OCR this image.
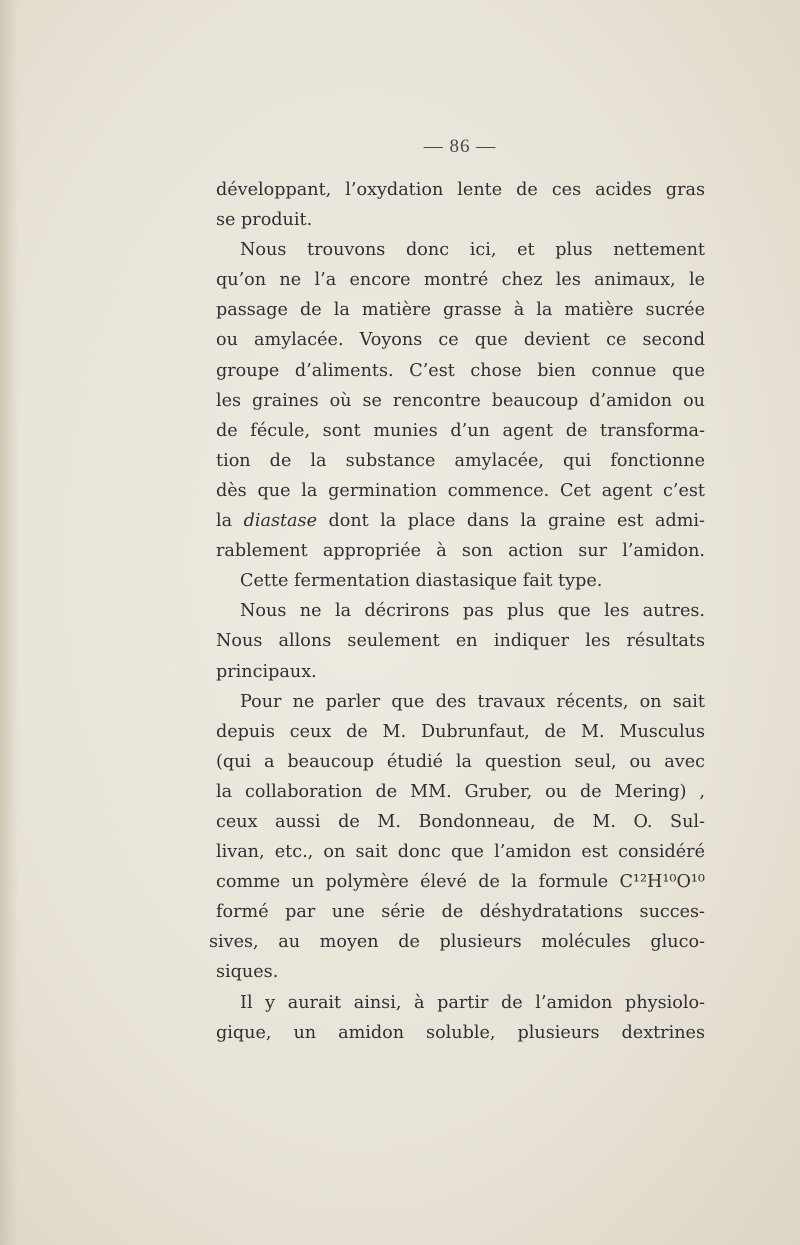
— 86 —
développant, l’oxydation lente de ces acides gras
se produit.
Nous trouvons donc ici, et plus nettement
qu’on ne l’a encore montré chez les animaux, le
passage de la matière grasse à la matière sucrée
ou amylacée. Voyons ce que devient ce second
groupe d’aliments. C’est chose bien connue que
les graines où se rencontre beaucoup d’amidon ou
de fécule, sont munies d’un agent de transforma-
tion de la substance amylacée, qui fonctionne
dès que la germination commence. Cet agent c’est
la diastase dont la place dans la graine est admi-
rablement appropriée à son action sur l’amidon.
Cette fermentation diastasique fait type.
Nous ne la décrirons pas plus que les autres.
Nous allons seulement en indiquer les résultats
principaux.
Pour ne parler que des travaux récents, on sait
depuis ceux de M. Dubrunfaut, de M. Musculus
(qui a beaucoup étudié la question seul, ou avec
la collaboration de MM. Gruber, ou de Mering) ,
ceux aussi de M. Bondonneau, de M. O. Sul-
livan, etc., on sait donc que l’amidon est considéré
comme un polymère élevé de la formule C¹²H¹⁰O¹⁰
formé par une série de déshydratations succes-
sives, au moyen de plusieurs molécules gluco-
siques.
Il y aurait ainsi, à partir de l’amidon physiolo-
gique, un amidon soluble, plusieurs dextrines
